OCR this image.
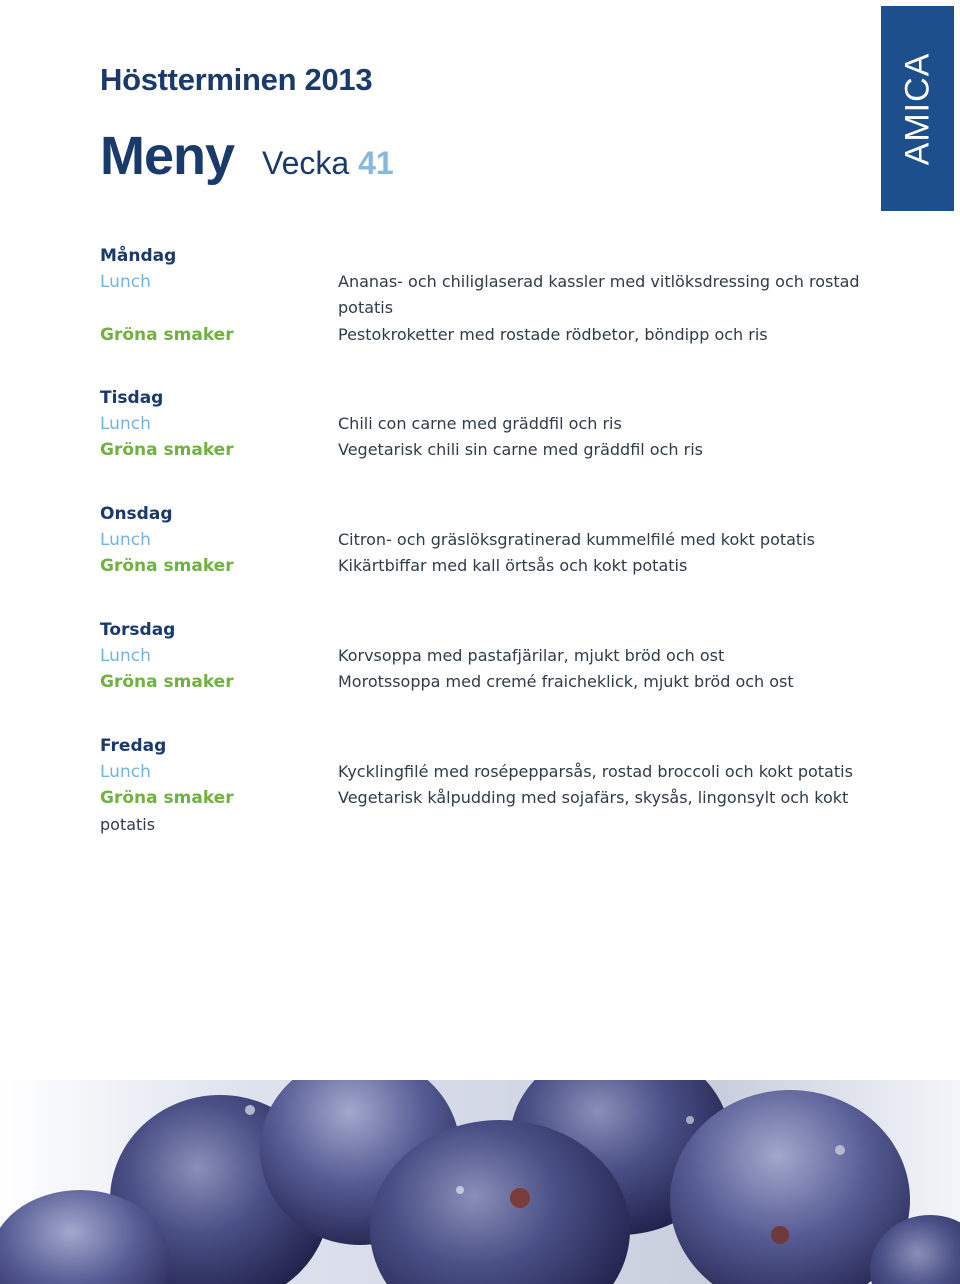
AMICA
Höstterminen 2013
Meny Vecka 41
Måndag
Lunch	Ananas- och chiliglaserad kassler med vitlöksdressing och rostad
potatis
Gröna smaker	Pestokroketter med rostade rödbetor, böndipp och ris
Tisdag
Lunch	Chili con carne med gräddfil och ris
Gröna smaker	Vegetarisk chili sin carne med gräddfil och ris
Onsdag
Lunch	Citron- och gräslöksgratinerad kummelfilé med kokt potatis
Gröna smaker	Kikärtbiffar med kall örtsås och kokt potatis
Torsdag
Lunch	Korvsoppa med pastafjärilar, mjukt bröd och ost
Gröna smaker	Morotssoppa med cremé fraicheklick, mjukt bröd och ost
Fredag
Lunch	Kycklingfilé med rosépepparsås, rostad broccoli och kokt potatis
Gröna smaker	Vegetarisk kålpudding med sojafärs, skysås, lingonsylt och kokt
potatis
